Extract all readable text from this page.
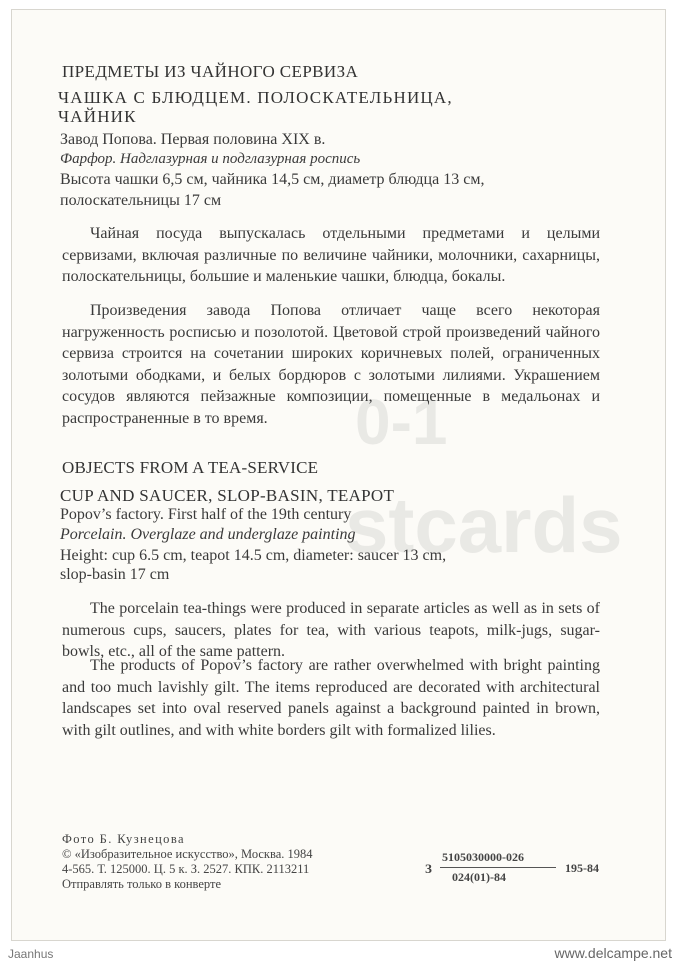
0-1
stcards
ПРЕДМЕТЫ ИЗ ЧАЙНОГО СЕРВИЗА
ЧАШКА С БЛЮДЦЕМ. ПОЛОСКАТЕЛЬНИЦА,
ЧАЙНИК
Завод Попова. Первая половина XIX в.
Фарфор. Надглазурная и подглазурная роспись
Высота чашки 6,5 см, чайника 14,5 см, диаметр блюдца 13 см,
полоскательницы 17 см
Чайная посуда выпускалась отдельными предметами и целыми сервизами, включая различные по величине чайники, молочники, сахарницы, полоскательницы, большие и маленькие чашки, блюдца, бокалы.
Произведения завода Попова отличает чаще всего некоторая нагруженность росписью и позолотой. Цветовой строй произведений чайного сервиза строится на сочетании широких коричневых полей, ограниченных золотыми ободками, и белых бордюров с золотыми лилиями. Украшением сосудов являются пейзажные композиции, помещенные в медальонах и распространенные в то время.
OBJECTS FROM A TEA-SERVICE
CUP AND SAUCER, SLOP-BASIN, TEAPOT
Popov’s factory. First half of the 19th century
Porcelain. Overglaze and underglaze painting
Height: cup 6.5 cm, teapot 14.5 cm, diameter: saucer 13 cm,
slop-basin 17 cm
The porcelain tea-things were produced in separate articles as well as in sets of numerous cups, saucers, plates for tea, with various teapots, milk-jugs, sugar-bowls, etc., all of the same pattern.
The products of Popov’s factory are rather overwhelmed with bright painting and too much lavishly gilt. The items reproduced are decorated with architectural landscapes set into oval reserved panels against a background painted in brown, with gilt outlines, and with white borders gilt with formalized lilies.
Фото Б. Кузнецова
© «Изобразительное искусство», Москва. 1984
4-565. Т. 125000. Ц. 5 к. З. 2527. КПК. 2113211
Отправлять только в конверте
З
5105030000-026
024(01)-84
195-84
Jaanhus	www.delcampe.net
